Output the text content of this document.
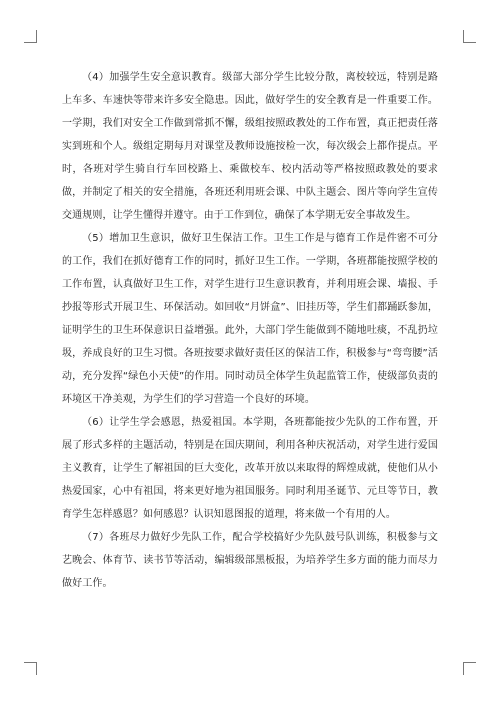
（4）加强学生安全意识教育。级部大部分学生比较分散，离校较远，特别是路上车多、车速快等带来许多安全隐患。因此，做好学生的安全教育是一件重要工作。一学期，我们对安全工作做到常抓不懈，级组按照政教处的工作布置，真正把责任落实到班和个人。级组定期每月对课堂及教师设施按检一次，每次级会上都作提点。平时，各班对学生骑自行车回校路上、乘做校车、校内活动等严格按照政教处的要求做，并制定了相关的安全措施，各班还利用班会课、中队主题会、图片等向学生宣传交通规则，让学生懂得并遵守。由于工作到位，确保了本学期无安全事故发生。

（5）增加卫生意识，做好卫生保洁工作。卫生工作是与德育工作是件密不可分的工作，我们在抓好德育工作的同时，抓好卫生工作。一学期，各班都能按照学校的工作布置，认真做好卫生工作，对学生进行卫生意识教育，并利用班会课、墙报、手抄报等形式开展卫生、环保活动。如回收“月饼盒”、旧挂历等，学生们都踊跃参加，证明学生的卫生环保意识日益增强。此外，大部门学生能做到不随地吐痰，不乱扔垃圾，养成良好的卫生习惯。各班按要求做好责任区的保洁工作，积极参与“弯弯腰”活动，充分发挥“绿色小天使”的作用。同时动员全体学生负起监管工作，使级部负责的环境区干净美观，为学生们的学习营造一个良好的环境。

（6）让学生学会感恩，热爱祖国。本学期，各班都能按少先队的工作布置，开展了形式多样的主题活动，特别是在国庆期间，利用各种庆祝活动，对学生进行爱国主义教育，让学生了解祖国的巨大变化，改革开放以来取得的辉煌成就，使他们从小热爱国家，心中有祖国，将来更好地为祖国服务。同时利用圣诞节、元旦等节日，教育学生怎样感恩？如何感恩？认识知恩图报的道理，将来做一个有用的人。

（7）各班尽力做好少先队工作，配合学校搞好少先队鼓号队训练，积极参与文艺晚会、体育节、读书节等活动，编辑级部黑板报，为培养学生多方面的能力而尽力做好工作。
